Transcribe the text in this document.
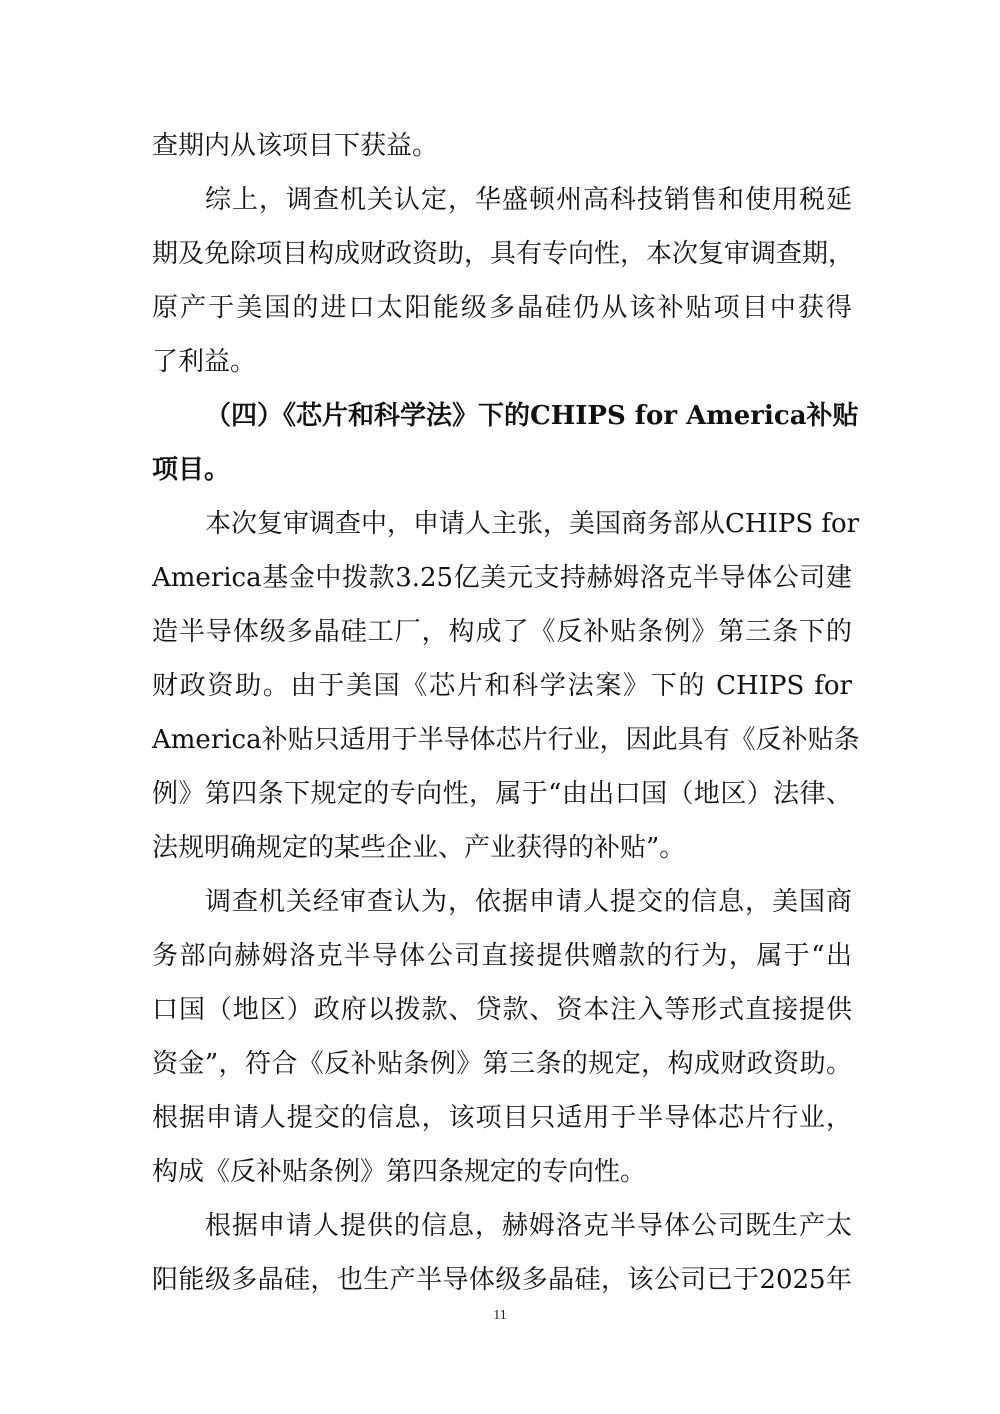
查期内从该项目下获益。
综上，调查机关认定，华盛顿州高科技销售和使用税延
期及免除项目构成财政资助，具有专向性，本次复审调查期，
原产于美国的进口太阳能级多晶硅仍从该补贴项目中获得
了利益。
（四）《芯片和科学法》下的CHIPS for America补贴
项目。
本次复审调查中，申请人主张，美国商务部从CHIPS for
America基金中拨款3.25亿美元支持赫姆洛克半导体公司建
造半导体级多晶硅工厂，构成了《反补贴条例》第三条下的
财政资助。由于美国《芯片和科学法案》下的 CHIPS for
America补贴只适用于半导体芯片行业，因此具有《反补贴条
例》第四条下规定的专向性，属于“由出口国（地区）法律、
法规明确规定的某些企业、产业获得的补贴”。
调查机关经审查认为，依据申请人提交的信息，美国商
务部向赫姆洛克半导体公司直接提供赠款的行为，属于“出
口国（地区）政府以拨款、贷款、资本注入等形式直接提供
资金”，符合《反补贴条例》第三条的规定，构成财政资助。
根据申请人提交的信息，该项目只适用于半导体芯片行业，
构成《反补贴条例》第四条规定的专向性。
根据申请人提供的信息，赫姆洛克半导体公司既生产太
阳能级多晶硅，也生产半导体级多晶硅，该公司已于2025年
11
